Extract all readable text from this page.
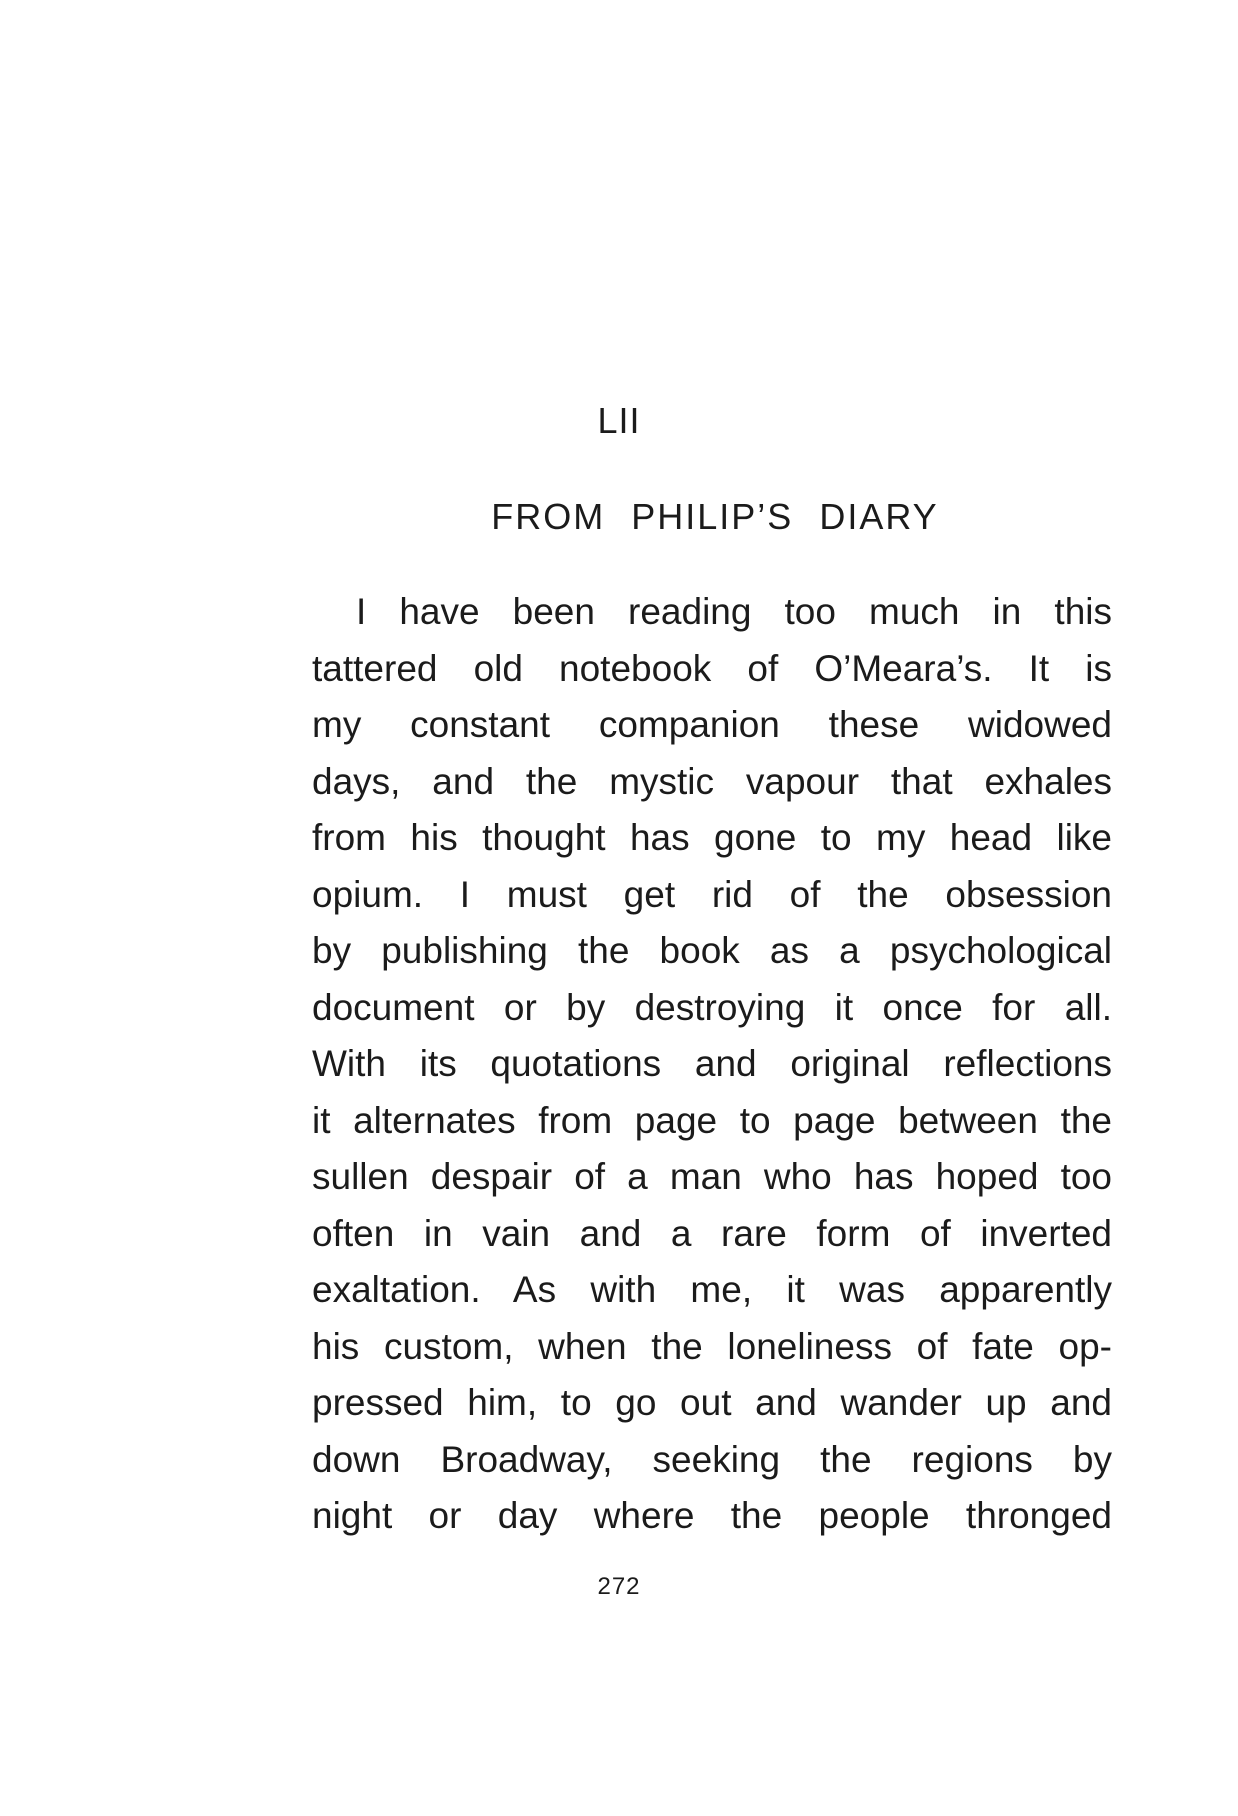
LII
FROM PHILIP’S DIARY
I have been reading too much in this
tattered old notebook of O’Meara’s. It is
my constant companion these widowed
days, and the mystic vapour that exhales
from his thought has gone to my head like
opium. I must get rid of the obsession
by publishing the book as a psychological
document or by destroying it once for all.
With its quotations and original reflections
it alternates from page to page between the
sullen despair of a man who has hoped too
often in vain and a rare form of inverted
exaltation. As with me, it was apparently
his custom, when the loneliness of fate op-
pressed him, to go out and wander up and
down Broadway, seeking the regions by
night or day where the people thronged
272
